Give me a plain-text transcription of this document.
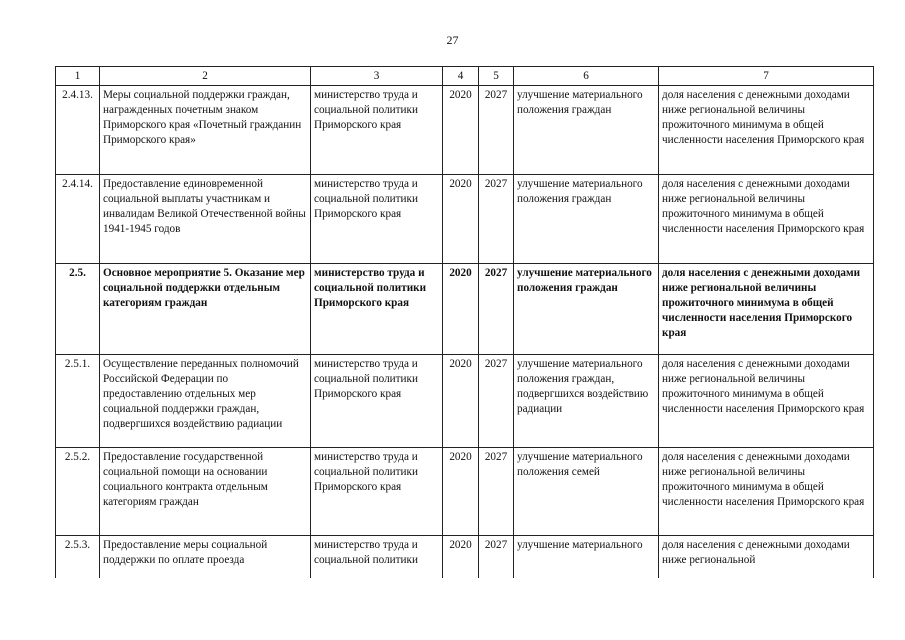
27
1	2	3	4	5	6	7
2.4.13.	Меры социальной поддержки граждан, награжденных почетным знаком Приморского края «Почетный гражданин Приморского края»	министерство труда и социальной политики Приморского края	2020	2027	улучшение материального положения граждан	доля населения с денежными доходами ниже региональной величины прожиточного минимума в общей численности населения Приморского края
2.4.14.	Предоставление единовременной социальной выплаты участникам и инвалидам Великой Отечественной войны 1941-1945 годов	министерство труда и социальной политики Приморского края	2020	2027	улучшение материального положения граждан	доля населения с денежными доходами ниже региональной величины прожиточного минимума в общей численности населения Приморского края
2.5.	Основное мероприятие 5. Оказание мер социальной поддержки отдельным категориям граждан	министерство труда и социальной политики Приморского края	2020	2027	улучшение материального положения граждан	доля населения с денежными доходами ниже региональной величины прожиточного минимума в общей численности населения Приморского края
2.5.1.	Осуществление переданных полномочий Российской Федерации по предоставлению отдельных мер социальной поддержки граждан, подвергшихся воздействию радиации	министерство труда и социальной политики Приморского края	2020	2027	улучшение материального положения граждан, подвергшихся воздействию радиации	доля населения с денежными доходами ниже региональной величины прожиточного минимума в общей численности населения Приморского края
2.5.2.	Предоставление государственной социальной помощи на основании социального контракта отдельным категориям граждан	министерство труда и социальной политики Приморского края	2020	2027	улучшение материального положения семей	доля населения с денежными доходами ниже региональной величины прожиточного минимума в общей численности населения Приморского края
2.5.3.	Предоставление меры социальной поддержки по оплате проезда	министерство труда и социальной политики	2020	2027	улучшение материального	доля населения с денежными доходами ниже региональной
